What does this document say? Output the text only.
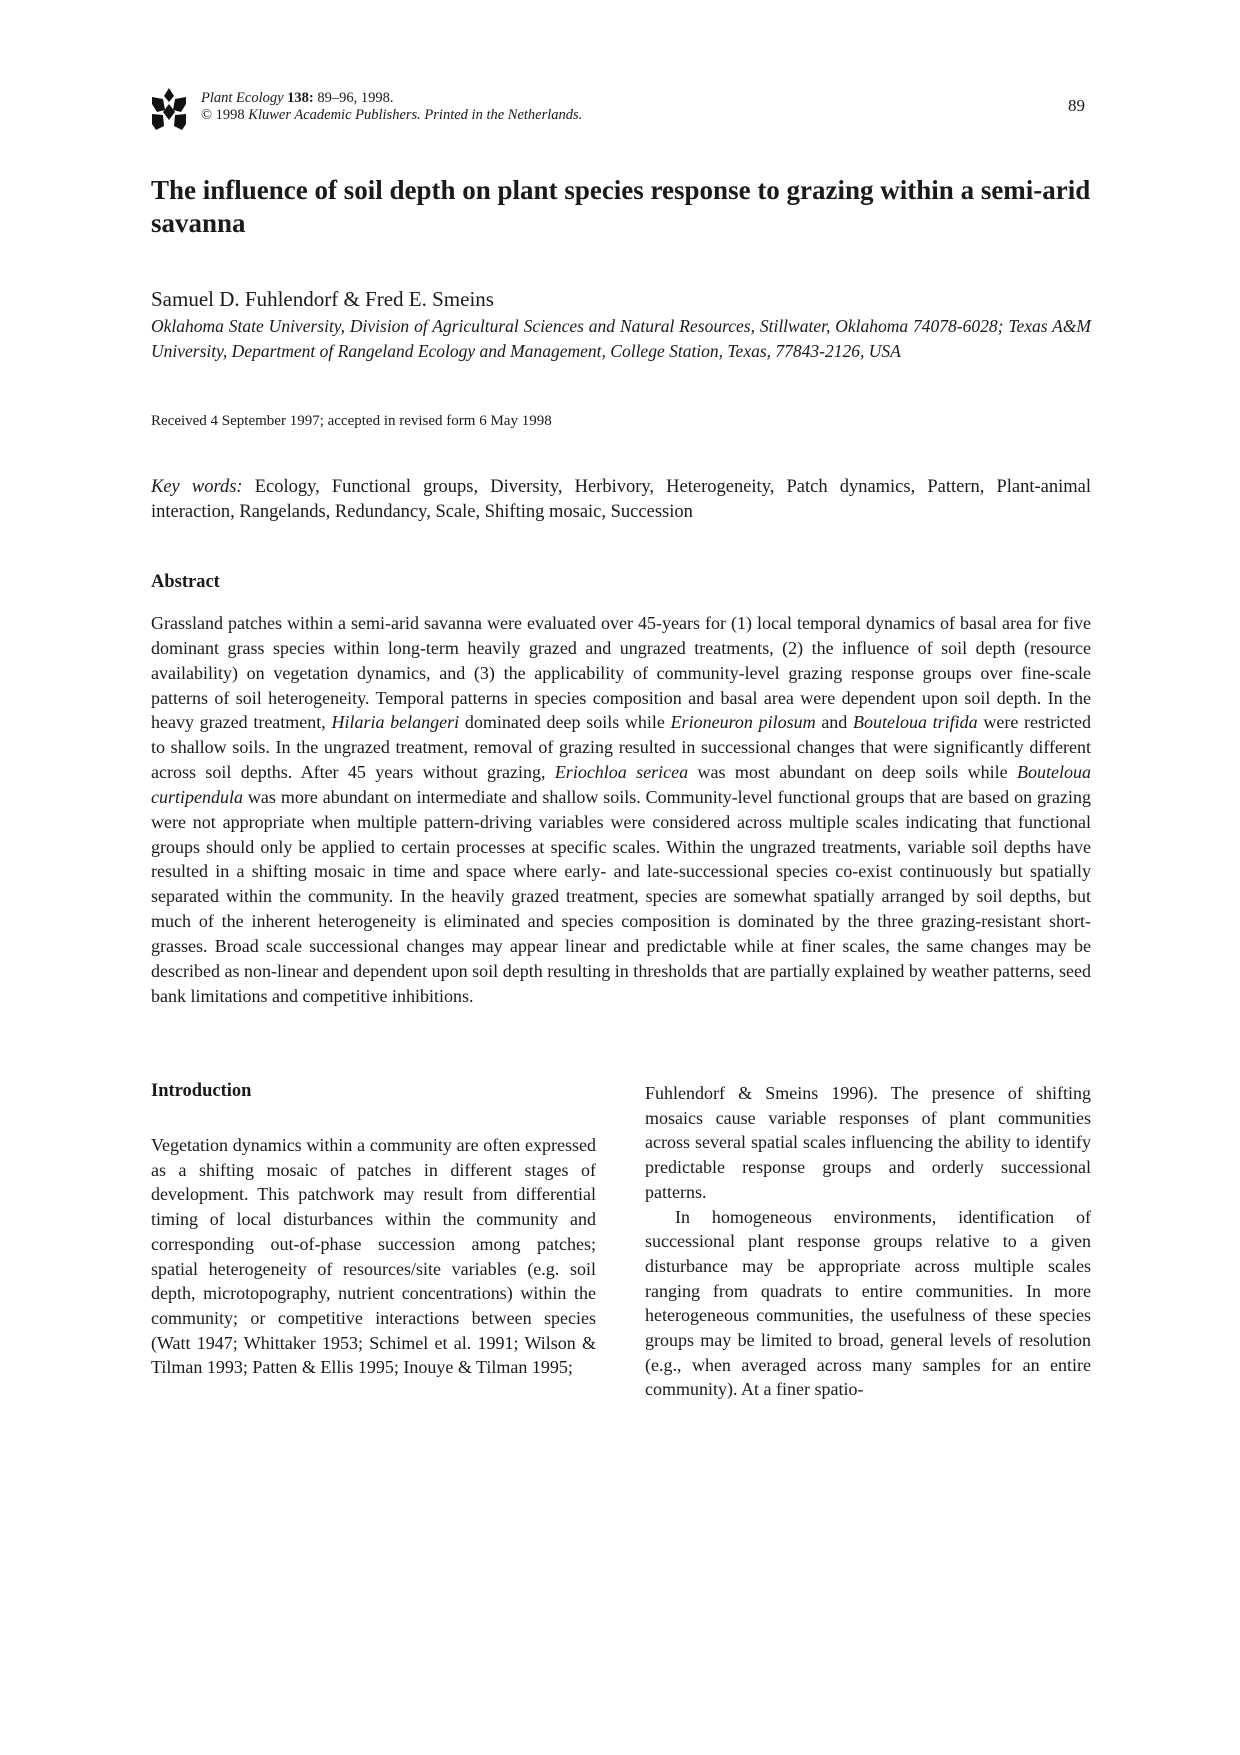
Plant Ecology 138: 89–96, 1998.
© 1998 Kluwer Academic Publishers. Printed in the Netherlands.	89
The influence of soil depth on plant species response to grazing within a semi-arid savanna
Samuel D. Fuhlendorf & Fred E. Smeins
Oklahoma State University, Division of Agricultural Sciences and Natural Resources, Stillwater, Oklahoma 74078-6028; Texas A&M University, Department of Rangeland Ecology and Management, College Station, Texas, 77843-2126, USA
Received 4 September 1997; accepted in revised form 6 May 1998
Key words: Ecology, Functional groups, Diversity, Herbivory, Heterogeneity, Patch dynamics, Pattern, Plant-animal interaction, Rangelands, Redundancy, Scale, Shifting mosaic, Succession
Abstract

Grassland patches within a semi-arid savanna were evaluated over 45-years for (1) local temporal dynamics of basal area for five dominant grass species within long-term heavily grazed and ungrazed treatments, (2) the influence of soil depth (resource availability) on vegetation dynamics, and (3) the applicability of community-level grazing response groups over fine-scale patterns of soil heterogeneity. Temporal patterns in species composition and basal area were dependent upon soil depth. In the heavy grazed treatment, Hilaria belangeri dominated deep soils while Erioneuron pilosum and Bouteloua trifida were restricted to shallow soils. In the ungrazed treatment, removal of grazing resulted in successional changes that were significantly different across soil depths. After 45 years without grazing, Eriochloa sericea was most abundant on deep soils while Bouteloua curtipendula was more abundant on intermediate and shallow soils. Community-level functional groups that are based on grazing were not appropriate when multiple pattern-driving variables were considered across multiple scales indicating that functional groups should only be applied to certain processes at specific scales. Within the ungrazed treatments, variable soil depths have resulted in a shifting mosaic in time and space where early- and late-successional species co-exist continuously but spatially separated within the community. In the heavily grazed treatment, species are somewhat spatially arranged by soil depths, but much of the inherent heterogeneity is eliminated and species composition is dominated by the three grazing-resistant short-grasses. Broad scale successional changes may appear linear and predictable while at finer scales, the same changes may be described as non-linear and dependent upon soil depth resulting in thresholds that are partially explained by weather patterns, seed bank limitations and competitive inhibitions.

Introduction

Vegetation dynamics within a community are often expressed as a shifting mosaic of patches in different stages of development. This patchwork may result from differential timing of local disturbances within the community and corresponding out-of-phase succession among patches; spatial heterogeneity of resources/site variables (e.g. soil depth, microtopography, nutrient concentrations) within the community; or competitive interactions between species (Watt 1947; Whittaker 1953; Schimel et al. 1991; Wilson & Tilman 1993; Patten & Ellis 1995; Inouye & Tilman 1995;

Fuhlendorf & Smeins 1996). The presence of shifting mosaics cause variable responses of plant communities across several spatial scales influencing the ability to identify predictable response groups and orderly successional patterns.

In homogeneous environments, identification of successional plant response groups relative to a given disturbance may be appropriate across multiple scales ranging from quadrats to entire communities. In more heterogeneous communities, the usefulness of these species groups may be limited to broad, general levels of resolution (e.g., when averaged across many samples for an entire community). At a finer spatio-
